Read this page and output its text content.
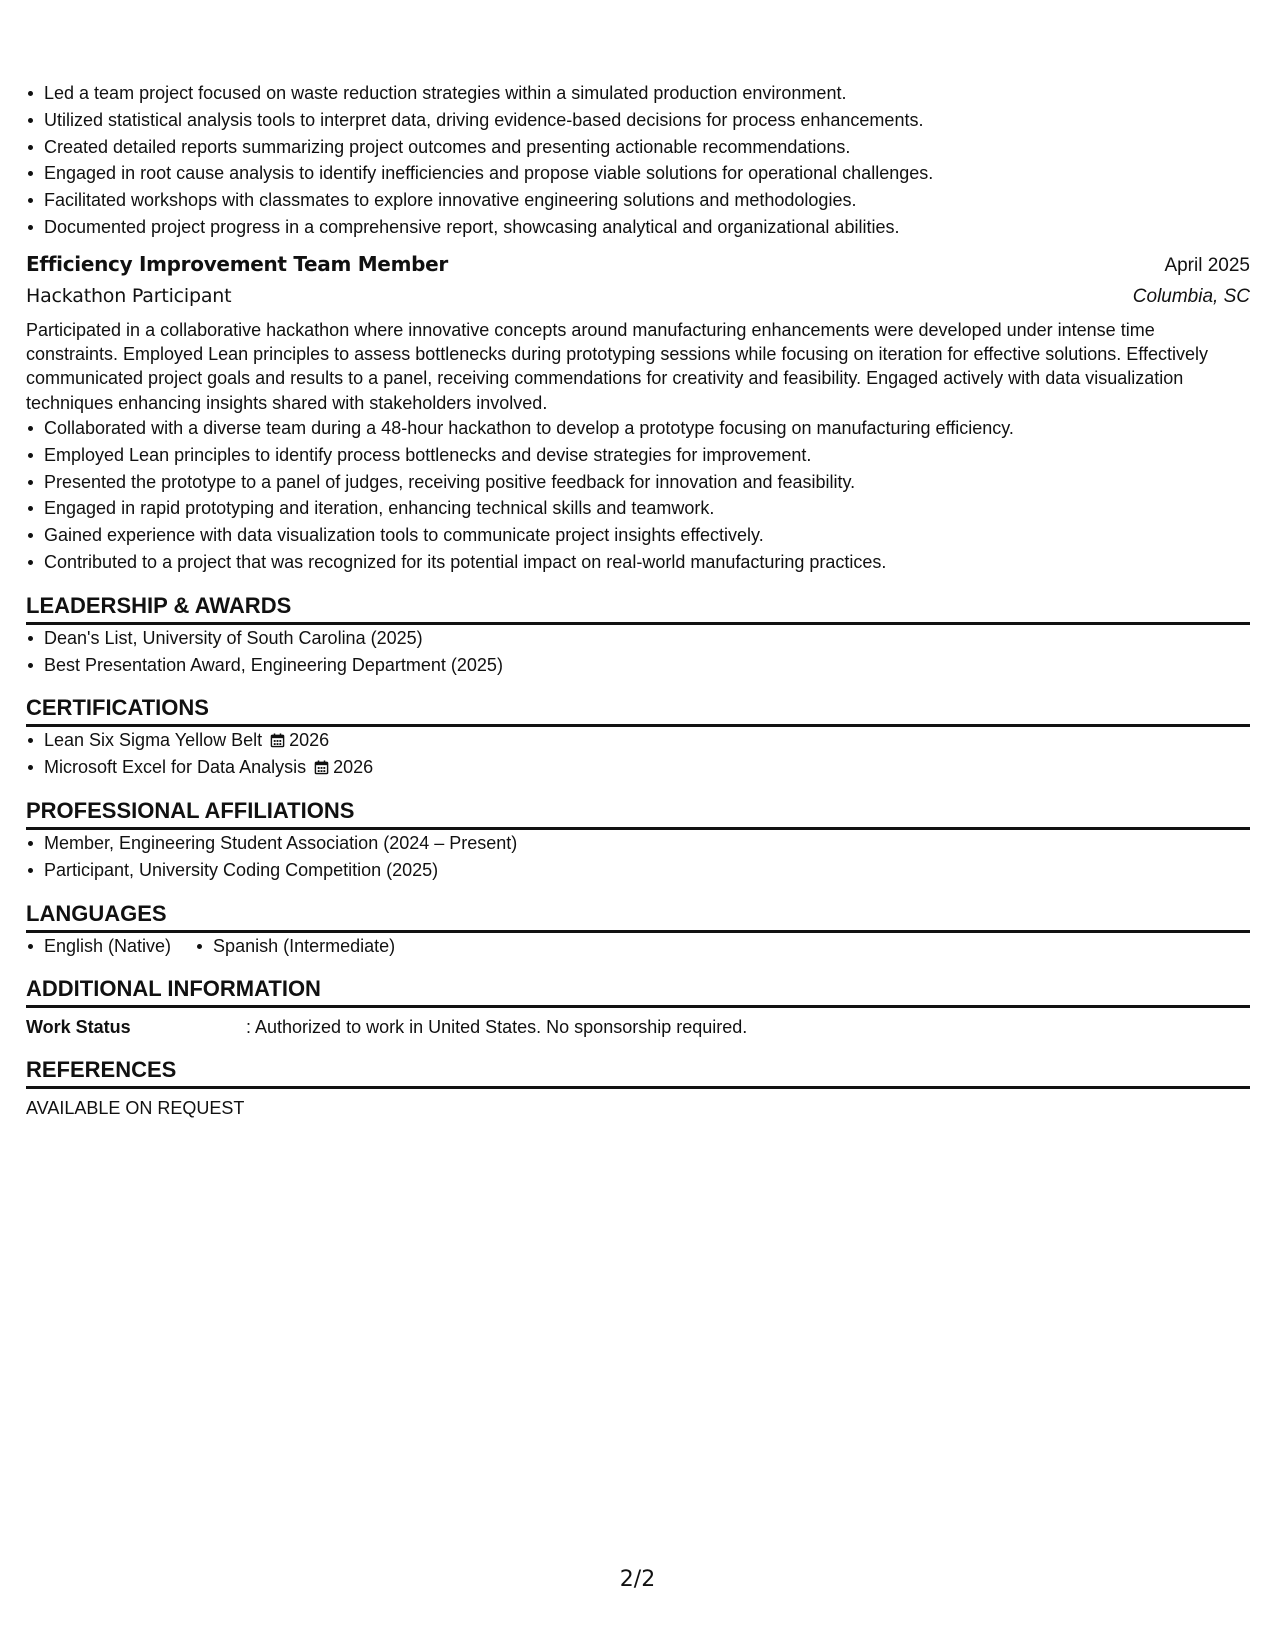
Led a team project focused on waste reduction strategies within a simulated production environment.
Utilized statistical analysis tools to interpret data, driving evidence-based decisions for process enhancements.
Created detailed reports summarizing project outcomes and presenting actionable recommendations.
Engaged in root cause analysis to identify inefficiencies and propose viable solutions for operational challenges.
Facilitated workshops with classmates to explore innovative engineering solutions and methodologies.
Documented project progress in a comprehensive report, showcasing analytical and organizational abilities.
Efficiency Improvement Team Member	April 2025
Hackathon Participant	Columbia, SC

Participated in a collaborative hackathon where innovative concepts around manufacturing enhancements were developed under intense time constraints. Employed Lean principles to assess bottlenecks during prototyping sessions while focusing on iteration for effective solutions. Effectively communicated project goals and results to a panel, receiving commendations for creativity and feasibility. Engaged actively with data visualization techniques enhancing insights shared with stakeholders involved.

Collaborated with a diverse team during a 48-hour hackathon to develop a prototype focusing on manufacturing efficiency.
Employed Lean principles to identify process bottlenecks and devise strategies for improvement.
Presented the prototype to a panel of judges, receiving positive feedback for innovation and feasibility.
Engaged in rapid prototyping and iteration, enhancing technical skills and teamwork.
Gained experience with data visualization tools to communicate project insights effectively.
Contributed to a project that was recognized for its potential impact on real-world manufacturing practices.
LEADERSHIP & AWARDS
Dean's List, University of South Carolina (2025)
Best Presentation Award, Engineering Department (2025)
CERTIFICATIONS
Lean Six Sigma Yellow Belt 2026
Microsoft Excel for Data Analysis 2026
PROFESSIONAL AFFILIATIONS
Member, Engineering Student Association (2024 – Present)
Participant, University Coding Competition (2025)
LANGUAGES
English (Native)	Spanish (Intermediate)
ADDITIONAL INFORMATION
Work Status	: Authorized to work in United States. No sponsorship required.
REFERENCES
AVAILABLE ON REQUEST
2/2
